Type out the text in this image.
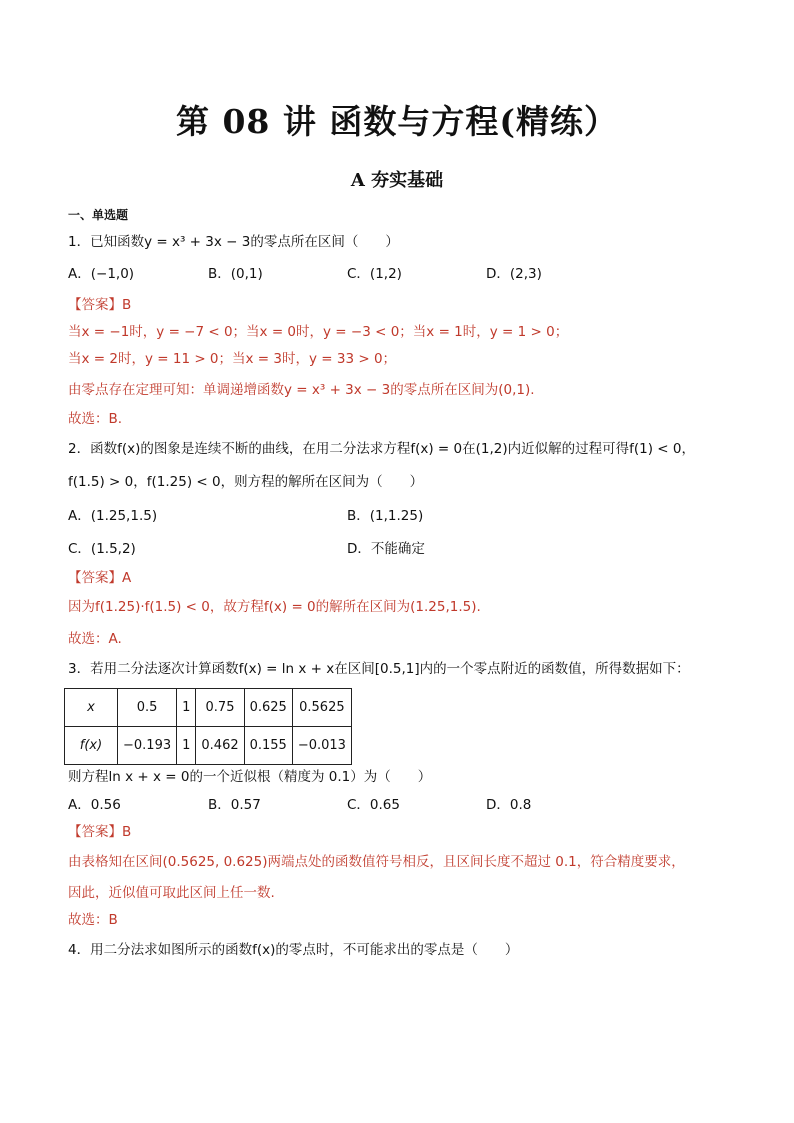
第 08 讲 函数与方程(精练）
A 夯实基础
一、单选题
1．已知函数y = x³ + 3x − 3的零点所在区间（　　）
A．(−1,0)	B．(0,1)	C．(1,2)	D．(2,3)
【答案】B
当x = −1时，y = −7 < 0；当x = 0时，y = −3 < 0；当x = 1时，y = 1 > 0；
当x = 2时，y = 11 > 0；当x = 3时，y = 33 > 0；
由零点存在定理可知：单调递增函数y = x³ + 3x − 3的零点所在区间为(0,1).
故选：B.
2．函数f(x)的图象是连续不断的曲线，在用二分法求方程f(x) = 0在(1,2)内近似解的过程可得f(1) < 0，
f(1.5) > 0，f(1.25) < 0，则方程的解所在区间为（　　）
A．(1.25,1.5)	B．(1,1.25)
C．(1.5,2)	D．不能确定
【答案】A
因为f(1.25)·f(1.5) < 0，故方程f(x) = 0的解所在区间为(1.25,1.5).
故选：A.
3．若用二分法逐次计算函数f(x) = ln x + x在区间[0.5,1]内的一个零点附近的函数值，所得数据如下：
x	0.5	1	0.75	0.625	0.5625
f(x)	−0.193	1	0.462	0.155	−0.013
则方程ln x + x = 0的一个近似根（精度为 0.1）为（　　）
A．0.56	B．0.57	C．0.65	D．0.8
【答案】B
由表格知在区间(0.5625, 0.625)两端点处的函数值符号相反，且区间长度不超过 0.1，符合精度要求，
因此，近似值可取此区间上任一数.
故选：B
4．用二分法求如图所示的函数f(x)的零点时，不可能求出的零点是（　　）
